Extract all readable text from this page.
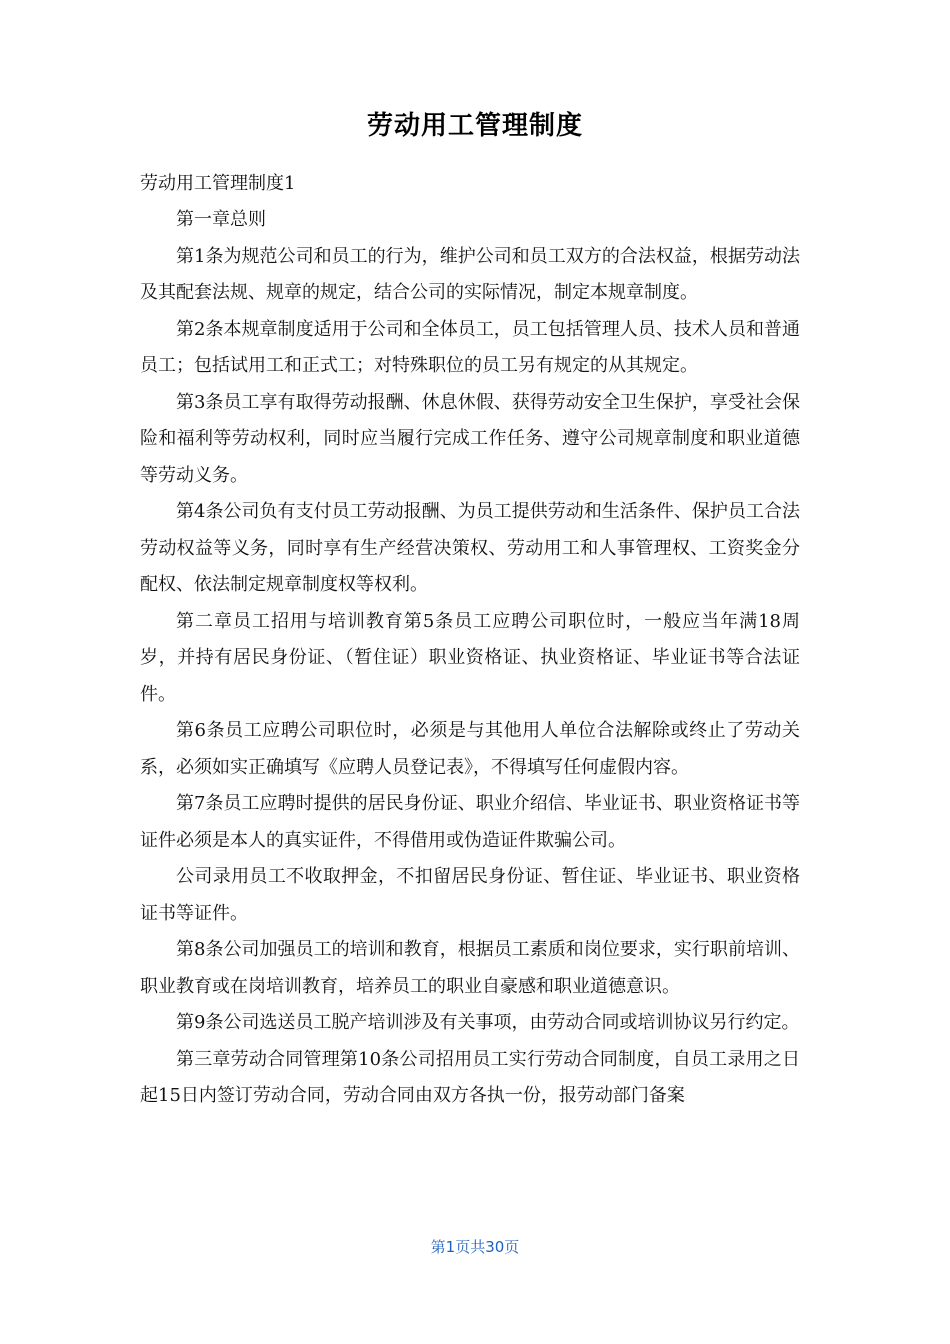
劳动用工管理制度

劳动用工管理制度1

第一章总则

第1条为规范公司和员工的行为，维护公司和员工双方的合法权益，根据劳动法及其配套法规、规章的规定，结合公司的实际情况，制定本规章制度。

第2条本规章制度适用于公司和全体员工，员工包括管理人员、技术人员和普通员工；包括试用工和正式工；对特殊职位的员工另有规定的从其规定。

第3条员工享有取得劳动报酬、休息休假、获得劳动安全卫生保护，享受社会保险和福利等劳动权利，同时应当履行完成工作任务、遵守公司规章制度和职业道德等劳动义务。

第4条公司负有支付员工劳动报酬、为员工提供劳动和生活条件、保护员工合法劳动权益等义务，同时享有生产经营决策权、劳动用工和人事管理权、工资奖金分配权、依法制定规章制度权等权利。

第二章员工招用与培训教育第5条员工应聘公司职位时，一般应当年满18周岁，并持有居民身份证、（暂住证）职业资格证、执业资格证、毕业证书等合法证件。

第6条员工应聘公司职位时，必须是与其他用人单位合法解除或终止了劳动关系，必须如实正确填写《应聘人员登记表》，不得填写任何虚假内容。

第7条员工应聘时提供的居民身份证、职业介绍信、毕业证书、职业资格证书等证件必须是本人的真实证件，不得借用或伪造证件欺骗公司。

公司录用员工不收取押金，不扣留居民身份证、暂住证、毕业证书、职业资格证书等证件。

第8条公司加强员工的培训和教育，根据员工素质和岗位要求，实行职前培训、职业教育或在岗培训教育，培养员工的职业自豪感和职业道德意识。

第9条公司选送员工脱产培训涉及有关事项，由劳动合同或培训协议另行约定。

第三章劳动合同管理第10条公司招用员工实行劳动合同制度，自员工录用之日起15日内签订劳动合同，劳动合同由双方各执一份，报劳动部门备案

第1页共30页
